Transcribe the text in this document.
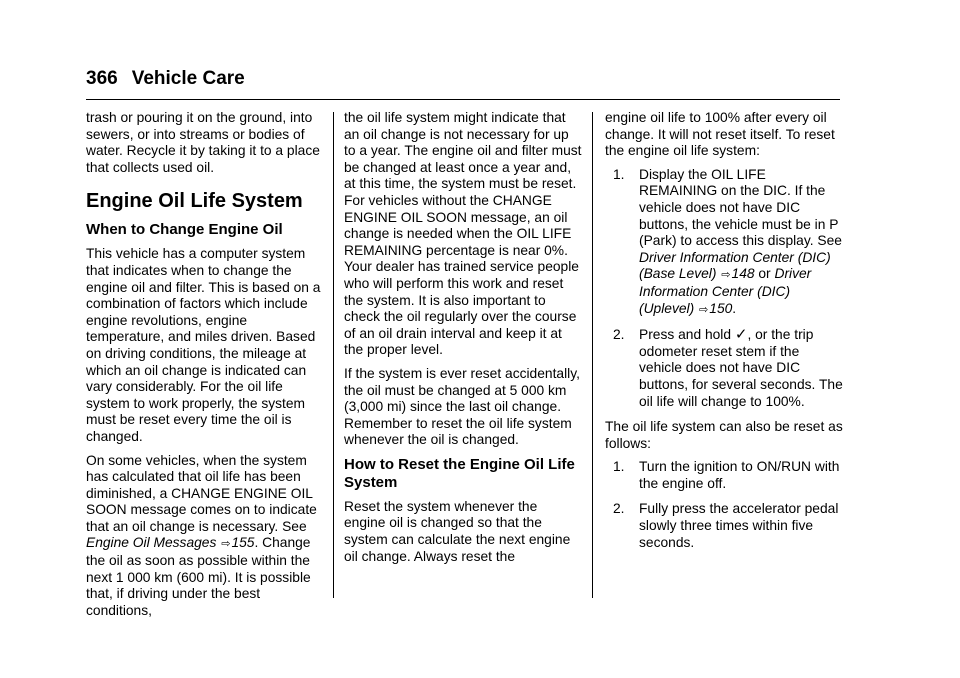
366 Vehicle Care

trash or pouring it on the ground, into sewers, or into streams or bodies of water. Recycle it by taking it to a place that collects used oil.

Engine Oil Life System
When to Change Engine Oil

This vehicle has a computer system that indicates when to change the engine oil and filter. This is based on a combination of factors which include engine revolutions, engine temperature, and miles driven. Based on driving conditions, the mileage at which an oil change is indicated can vary considerably. For the oil life system to work properly, the system must be reset every time the oil is changed.

On some vehicles, when the system has calculated that oil life has been diminished, a CHANGE ENGINE OIL SOON message comes on to indicate that an oil change is necessary. See Engine Oil Messages ⇨155. Change the oil as soon as possible within the next 1 000 km (600 mi). It is possible that, if driving under the best conditions,

the oil life system might indicate that an oil change is not necessary for up to a year. The engine oil and filter must be changed at least once a year and, at this time, the system must be reset. For vehicles without the CHANGE ENGINE OIL SOON message, an oil change is needed when the OIL LIFE REMAINING percentage is near 0%. Your dealer has trained service people who will perform this work and reset the system. It is also important to check the oil regularly over the course of an oil drain interval and keep it at the proper level.

If the system is ever reset accidentally, the oil must be changed at 5 000 km (3,000 mi) since the last oil change. Remember to reset the oil life system whenever the oil is changed.

How to Reset the Engine Oil Life System

Reset the system whenever the engine oil is changed so that the system can calculate the next engine oil change. Always reset the

engine oil life to 100% after every oil change. It will not reset itself. To reset the engine oil life system:

1. Display the OIL LIFE REMAINING on the DIC. If the vehicle does not have DIC buttons, the vehicle must be in P (Park) to access this display. See Driver Information Center (DIC) (Base Level) ⇨148 or Driver Information Center (DIC) (Uplevel) ⇨150.
2. Press and hold ✓, or the trip odometer reset stem if the vehicle does not have DIC buttons, for several seconds. The oil life will change to 100%.

The oil life system can also be reset as follows:

1. Turn the ignition to ON/RUN with the engine off.
2. Fully press the accelerator pedal slowly three times within five seconds.
